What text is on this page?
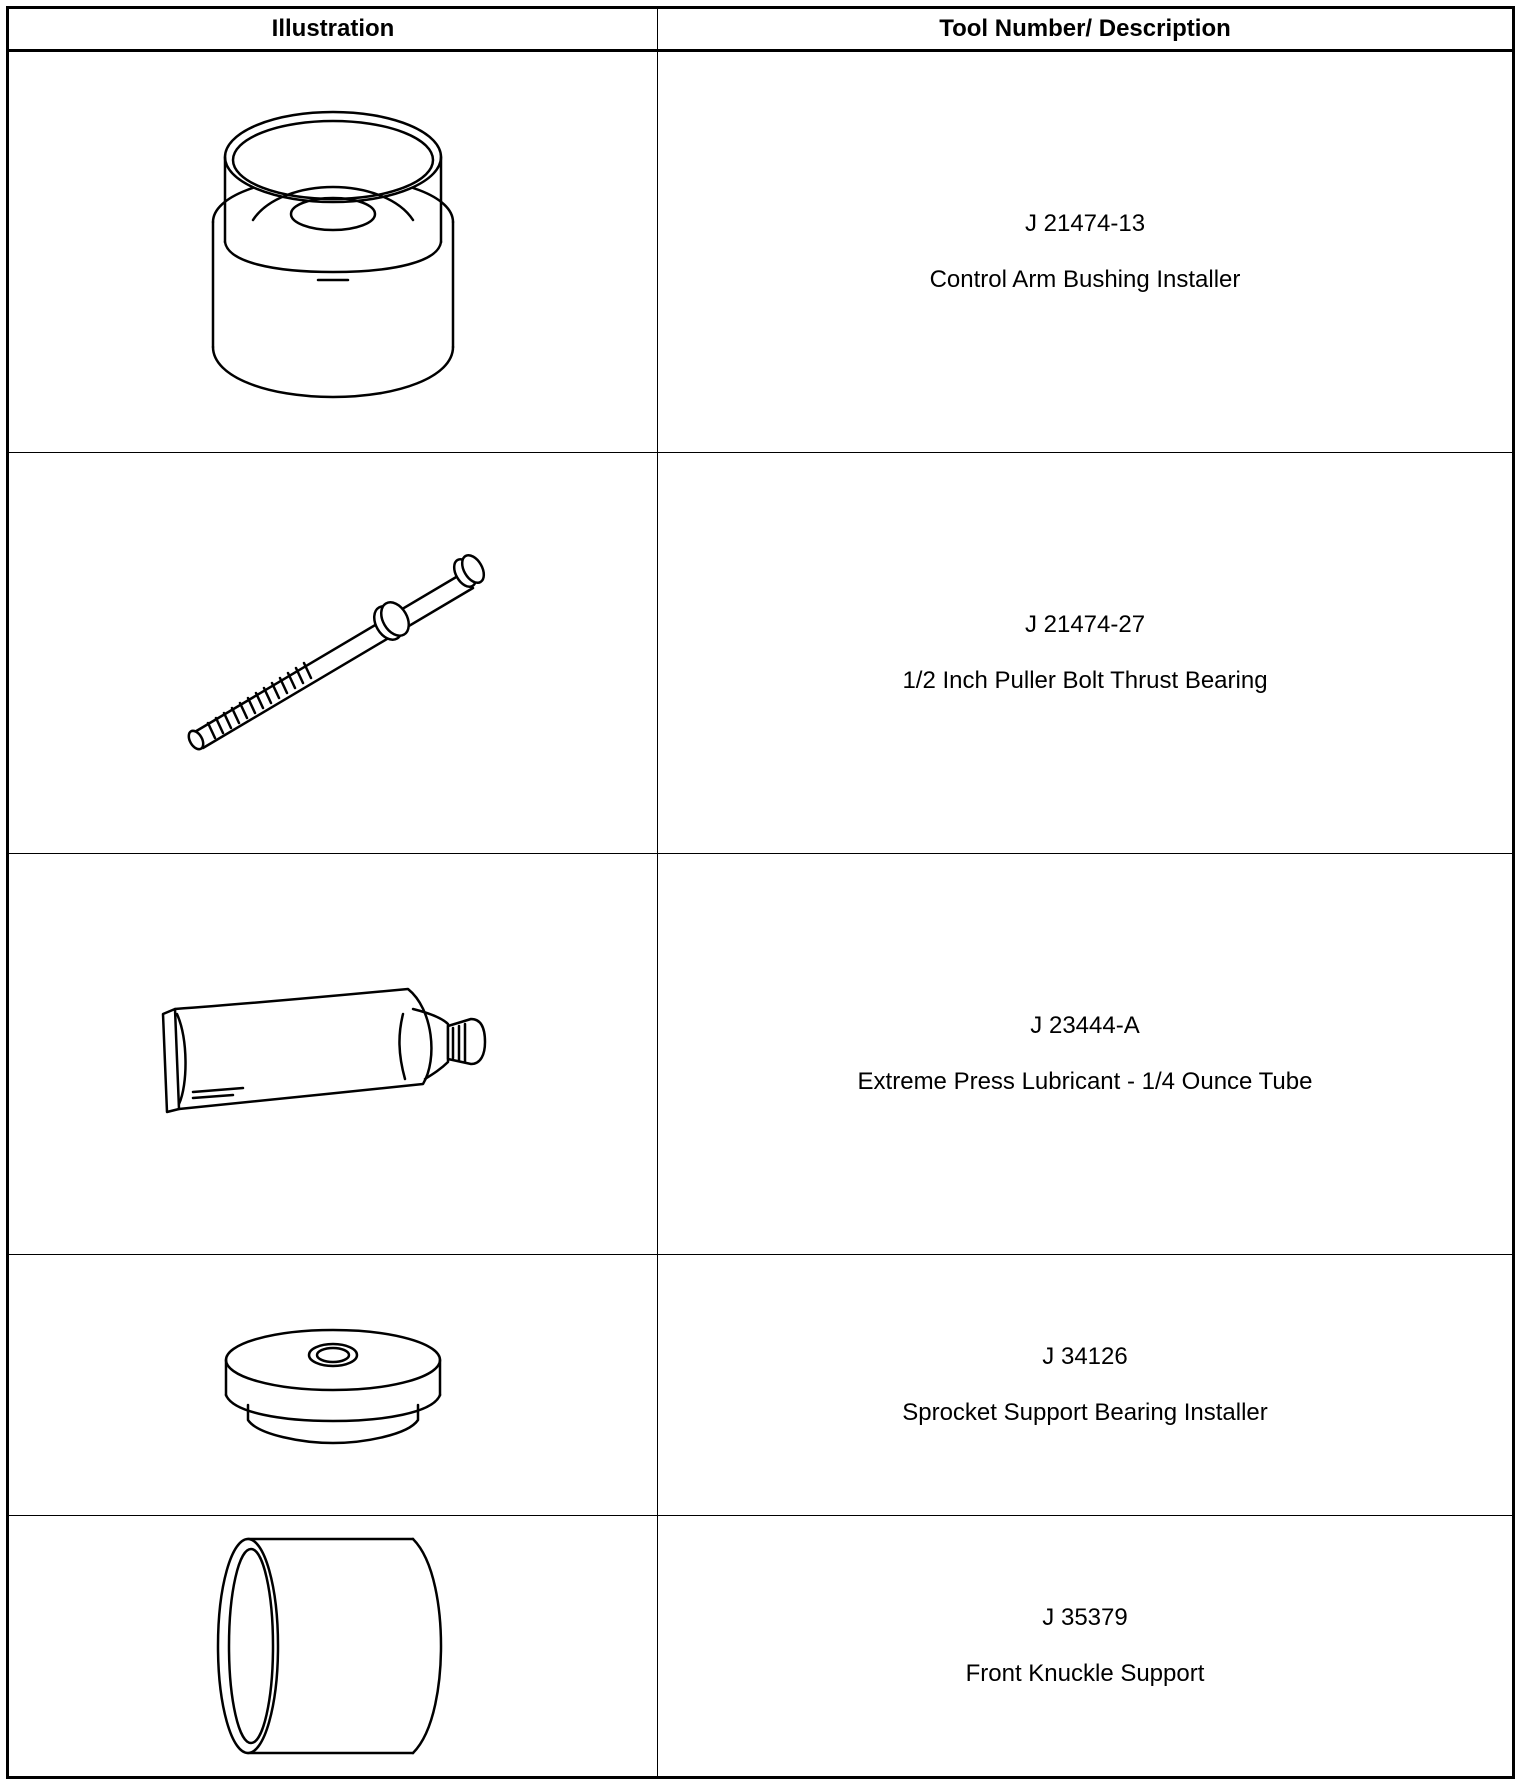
Illustration	Tool Number/ Description

J 21474-13
Control Arm Bushing Installer

J 21474-27
1/2 Inch Puller Bolt Thrust Bearing

J 23444-A
Extreme Press Lubricant - 1/4 Ounce Tube

J 34126
Sprocket Support Bearing Installer

J 35379
Front Knuckle Support
